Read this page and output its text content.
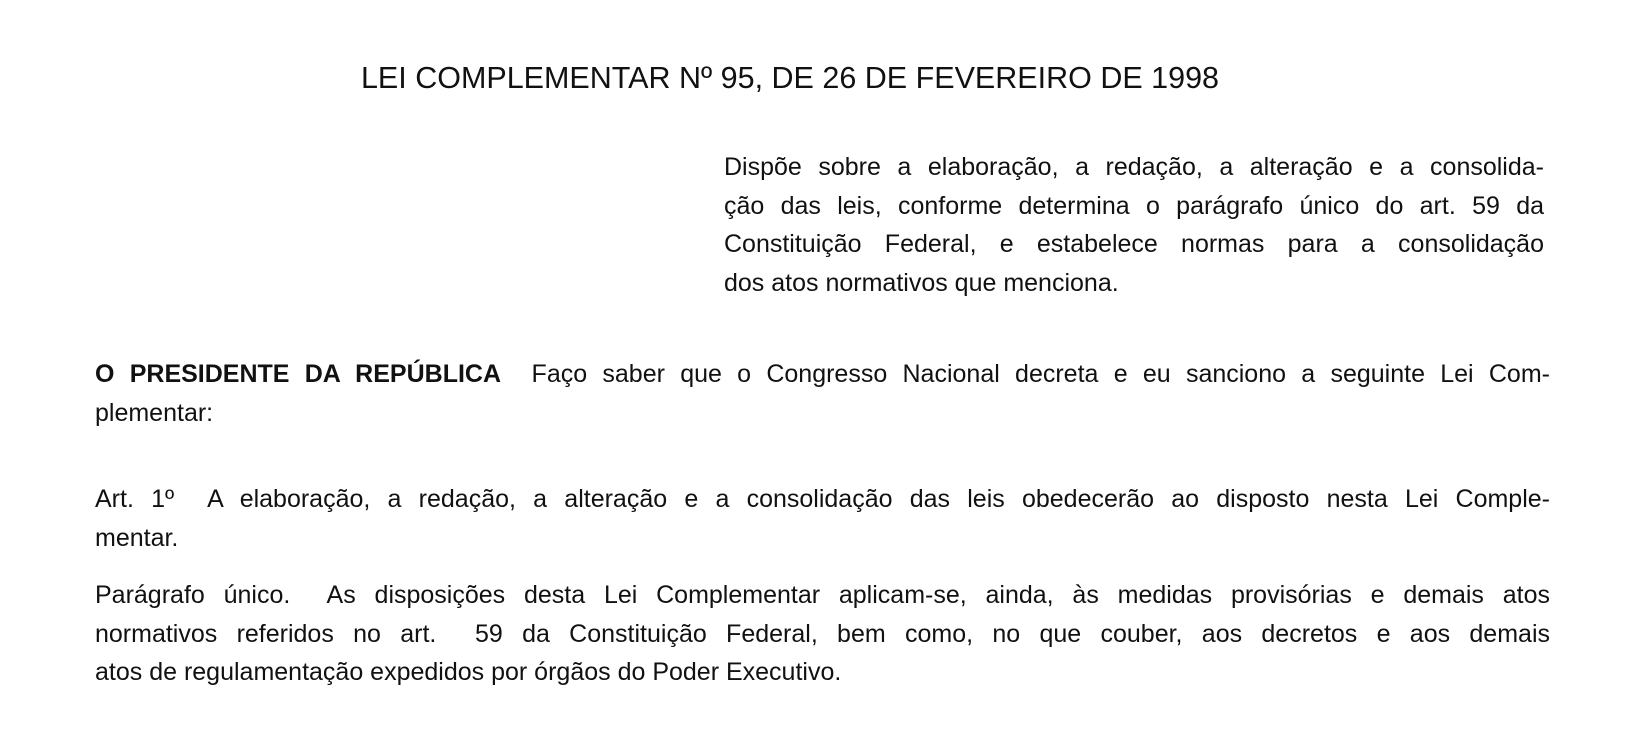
LEI COMPLEMENTAR Nº 95, DE 26 DE FEVEREIRO DE 1998

Dispõe sobre a elaboração, a redação, a alteração e a consolida-
ção das leis, conforme determina o parágrafo único do art. 59 da
Constituição Federal, e estabelece normas para a consolidação
dos atos normativos que menciona.

O PRESIDENTE DA REPÚBLICA  Faço saber que o Congresso Nacional decreta e eu sanciono a seguinte Lei Com-
plementar:

Art. 1º  A elaboração, a redação, a alteração e a consolidação das leis obedecerão ao disposto nesta Lei Comple-
mentar.

Parágrafo único.  As disposições desta Lei Complementar aplicam-se, ainda, às medidas provisórias e demais atos
normativos referidos no art.  59 da Constituição Federal, bem como, no que couber, aos decretos e aos demais
atos de regulamentação expedidos por órgãos do Poder Executivo.
